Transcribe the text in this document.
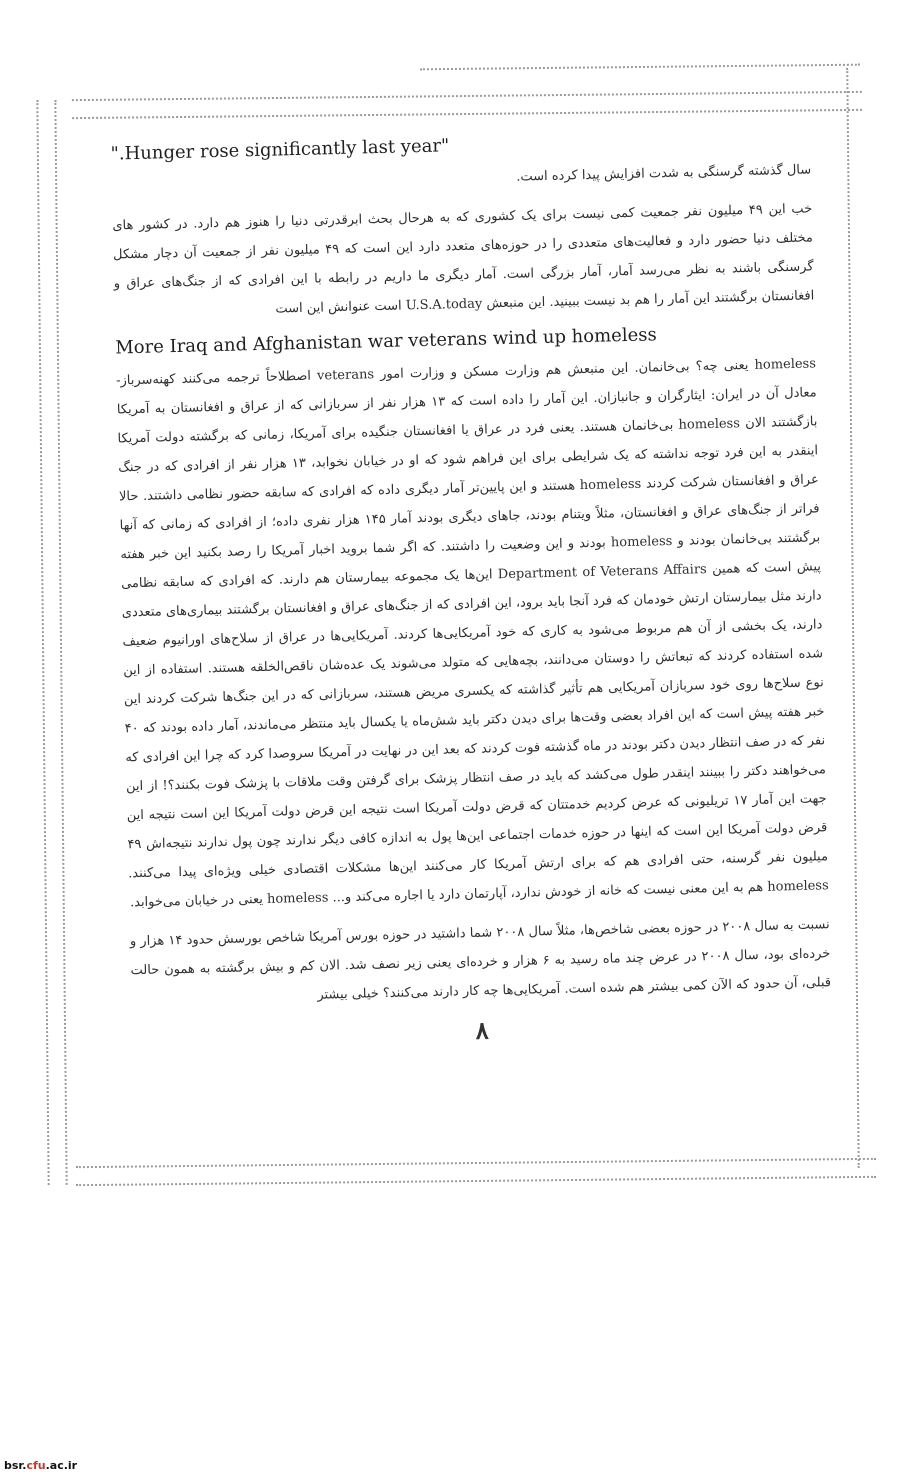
".Hunger rose significantly last year"

سال گذشته گرسنگی به شدت افزایش پیدا کرده است.

خب این ۴۹ میلیون نفر جمعیت کمی نیست برای یک کشوری که به هرحال بحث ابرقدرتی دنیا را هنوز هم دارد. در کشور های مختلف دنیا حضور دارد و فعالیت‌های متعددی را در حوزه‌های متعدد دارد این است که ۴۹ میلیون نفر از جمعیت آن دچار مشکل گرسنگی باشند به نظر می‌رسد آمار، آمار بزرگی است. آمار دیگری ما داریم در رابطه با این افرادی که از جنگ‌های عراق و افغانستان برگشتند این آمار را هم بد نیست ببینید. این منبعش U.S.A.today است عنوانش این است

More Iraq and Afghanistan war veterans wind up homeless

homeless یعنی چه؟ بی‌خانمان. این منبعش هم وزارت مسکن و وزارت امور veterans اصطلاحاً ترجمه می‌کنند کهنه‌سرباز- معادل آن در ایران: ایثارگران و جانبازان. این آمار را داده است که ۱۳ هزار نفر از سربازانی که از عراق و افغانستان به آمریکا بازگشتند الان homeless بی‌خانمان هستند. یعنی فرد در عراق یا افغانستان جنگیده برای آمریکا، زمانی که برگشته دولت آمریکا اینقدر به این فرد توجه نداشته که یک شرایطی برای این فراهم شود که او در خیابان نخوابد، ۱۳ هزار نفر از افرادی که در جنگ عراق و افغانستان شرکت کردند homeless هستند و این پایین‌تر آمار دیگری داده که افرادی که سابقه حضور نظامی داشتند. حالا فراتر از جنگ‌های عراق و افغانستان، مثلاً ویتنام بودند، جاهای دیگری بودند آمار ۱۴۵ هزار نفری داده؛ از افرادی که زمانی که آنها برگشتند بی‌خانمان بودند و homeless بودند و این وضعیت را داشتند. که اگر شما بروید اخبار آمریکا را رصد بکنید این خبر هفته پیش است که همین Department of Veterans Affairs این‌ها یک مجموعه بیمارستان هم دارند. که افرادی که سابقه نظامی دارند مثل بیمارستان ارتش خودمان که فرد آنجا باید برود، این افرادی که از جنگ‌های عراق و افغانستان برگشتند بیماری‌های متعددی دارند، یک بخشی از آن هم مربوط می‌شود به کاری که خود آمریکایی‌ها کردند. آمریکایی‌ها در عراق از سلاح‌های اورانیوم ضعیف شده استفاده کردند که تبعاتش را دوستان می‌دانند، بچه‌هایی که متولد می‌شوند یک عده‌شان ناقص‌الخلقه هستند. استفاده از این نوع سلاح‌ها روی خود سربازان آمریکایی هم تأثیر گذاشته که یکسری مریض هستند، سربازانی که در این جنگ‌ها شرکت کردند این خبر هفته پیش است که این افراد بعضی وقت‌ها برای دیدن دکتر باید شش‌ماه یا یکسال باید منتظر می‌ماندند، آمار داده بودند که ۴۰ نفر که در صف انتظار دیدن دکتر بودند در ماه گذشته فوت کردند که بعد این در نهایت در آمریکا سروصدا کرد که چرا این افرادی که می‌خواهند دکتر را ببینند اینقدر طول می‌کشد که باید در صف انتظار پزشک برای گرفتن وقت ملاقات با پزشک فوت بکنند؟! از این جهت این آمار ۱۷ تریلیونی که عرض کردیم خدمتتان که قرض دولت آمریکا است نتیجه این قرض دولت آمریکا این است نتیجه این قرض دولت آمریکا این است که اینها در حوزه خدمات اجتماعی این‌ها پول به اندازه کافی دیگر ندارند چون پول ندارند نتیجه‌اش ۴۹ میلیون نفر گرسنه، حتی افرادی هم که برای ارتش آمریکا کار می‌کنند این‌ها مشکلات اقتصادی خیلی ویژه‌ای پیدا می‌کنند. homeless هم به این معنی نیست که خانه از خودش ندارد، آپارتمان دارد یا اجاره می‌کند و... homeless یعنی در خیابان می‌خوابد.

نسبت به سال ۲۰۰۸ در حوزه بعضی شاخص‌ها، مثلاً سال ۲۰۰۸ شما داشتید در حوزه بورس آمریکا شاخص بورسش حدود ۱۴ هزار و خرده‌ای بود، سال ۲۰۰۸ در عرض چند ماه رسید به ۶ هزار و خرده‌ای یعنی زیر نصف شد. الان کم و بیش برگشته به همون حالت قبلی، آن حدود که الآن کمی بیشتر هم شده است. آمریکایی‌ها چه کار دارند می‌کنند؟ خیلی بیشتر

۸
bsr.cfu.ac.ir
